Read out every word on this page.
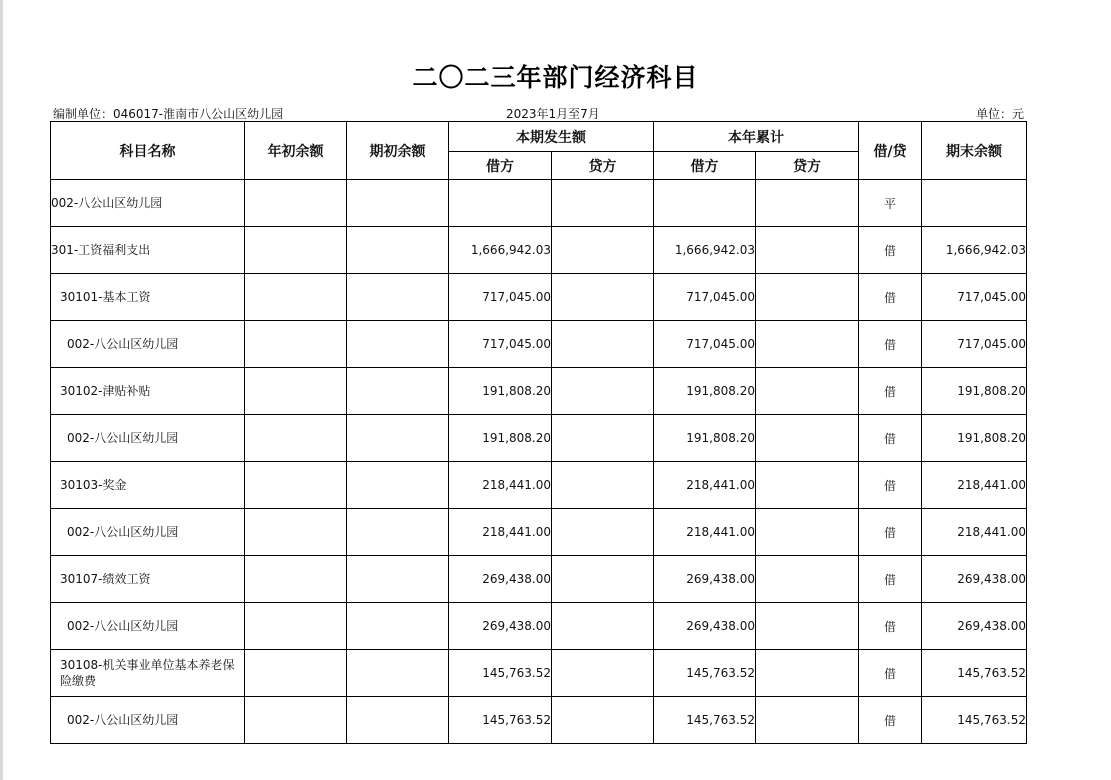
二〇二三年部门经济科目
编制单位：046017-淮南市八公山区幼儿园	2023年1月至7月	单位：元
科目名称	年初余额	期初余额	本期发生额		本年累计		借/贷	期末余额
			借方	贷方	借方	贷方		
002-八公山区幼儿园							平	
301-工资福利支出			1,666,942.03		1,666,942.03		借	1,666,942.03
30101-基本工资			717,045.00		717,045.00		借	717,045.00
002-八公山区幼儿园			717,045.00		717,045.00		借	717,045.00
30102-津贴补贴			191,808.20		191,808.20		借	191,808.20
002-八公山区幼儿园			191,808.20		191,808.20		借	191,808.20
30103-奖金			218,441.00		218,441.00		借	218,441.00
002-八公山区幼儿园			218,441.00		218,441.00		借	218,441.00
30107-绩效工资			269,438.00		269,438.00		借	269,438.00
002-八公山区幼儿园			269,438.00		269,438.00		借	269,438.00
30108-机关事业单位基本养老保险缴费			145,763.52		145,763.52		借	145,763.52
002-八公山区幼儿园			145,763.52		145,763.52		借	145,763.52
